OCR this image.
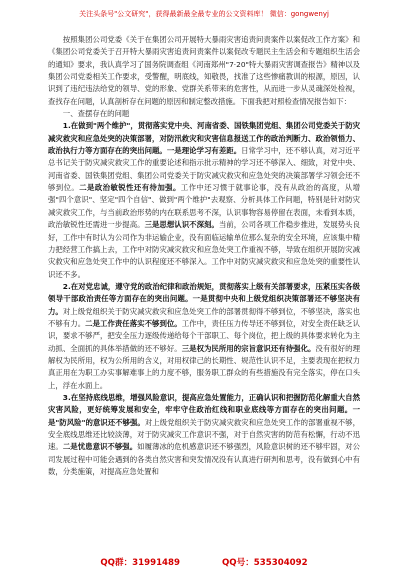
关注头条号"公文研究"，获得最新最全最专业的公文资料库！ 微信：gongwenyj

按照集团公司党委《关于在集团公司开展特大暴雨灾害追责问责案件以案促改工作方案》和《集团公司党委关于召开特大暴雨灾害追责问责案件以案促改专题民主生活会和专题组织生活会的通知》要求，我认真学习了国务院调查组《河南郑州"7·20"特大暴雨灾害调查报告》精神以及集团公司党委相关工作要求，受警醒，明底线，知敬畏，找准了这些惨痛教训的根源，原因，认识到了违纪违法给党的领导、党的形象、党群关系带来的危害性，从而进一步从灵魂深处检视，查找存在问题，认真剖析存在问题的原因和制定整改措施。下面我把对照检查情况报告如下：

一、查摆存在的问题

1.在做到"两个维护"，贯彻落实党中央、河南省委、国铁集团党组、集团公司党委关于防灾减灾救灾和应急处突的决策部署，对防汛救灾和灾害信息报送工作的政治判断力、政治领悟力、政治执行力等方面存在的突出问题。一是理论学习有差距。日常学习中，还不够认真，对习近平总书记关于防灾减灾救灾工作的重要论述和指示批示精神的学习还不够深入、细致，对党中央、河南省委、国铁集团党组、集团公司党委关于防灾减灾救灾和应急处突的决策部署学习领会还不够到位。二是政治敏锐性还有待加强。工作中还习惯于就事论事，没有从政治的高度，从增强"四个意识"、坚定"四个自信"、做到"两个维护"去观察、分析具体工作问题，特别是针对防灾减灾救灾工作，与当前政治形势的内在联系思考不深，认识事物容易停留在表面，未看到本质，政治敏锐性还需进一步提高。三是思想认识不深刻。当前，公司各项工作稳步推进，发展势头良好，工作中有时认为公司作为非运输企业，没有面临运输单位那么复杂的安全环境，应该集中精力把经营工作搞上去，工作中对防灾减灾救灾和应急处突工作重视不够，导致在组织开展防灾减灾救灾和应急处突工作中的认识程度还不够深入。工作中对防灾减灾救灾和应急处突的重要性认识还不多。

2.在对党忠诚，遵守党的政治纪律和政治规矩，贯彻落实上级有关部署要求，压紧压实各级领导干部政治责任等方面存在的突出问题。一是贯彻中央和上级党组织决策部署还不够坚决有力。对上级党组织关于防灾减灾救灾和应急处突工作的部署贯彻得不够到位，不够坚决，落实也不够有力。二是工作责任落实不够到位。工作中，责任压力传导还不够到位，对安全责任缺乏认识，要求不够严，把安全压力逐级传递给每个干部职工、每个岗位，把上级的具体要求转化为主动抓、全面抓的具体举措做的还不够好。三是权为民所用的宗旨意识还有待强化。没有很好的理解权为民所用，权为公所用的含义，对用权律己的长期性、规范性认识不足，主要表现在把权力真正用在为职工办实事解难事上的力度不够，服务职工群众的有些措施没有完全落实，停在口头上，浮在水面上。

3.在坚持底线思维，增强风险意识，提高应急处置能力，正确认识和把握防范化解重大自然灾害风险，更好统筹发展和安全，牢牢守住政治红线和职业底线等方面存在的突出问题。一是"防风险"的意识还不够强。对上级党组织关于防灾减灾救灾和应急处突工作的部署重视不够，安全底线思维还比较淡薄，对于防灾减灾工作意识不强，对于自然灾害的防范有松懈，行动不迅速。二是忧患意识不够强。如履薄冰的危机感意识还不够强烈，风险意识树的还不够牢固，对公司发展过程中可能会遇到的各类自然灾害和突发情况没有认真进行研判和思考，没有做到心中有数，分类施策，对提高应急处置和

QQ群：31991489	QQ号：535304092
